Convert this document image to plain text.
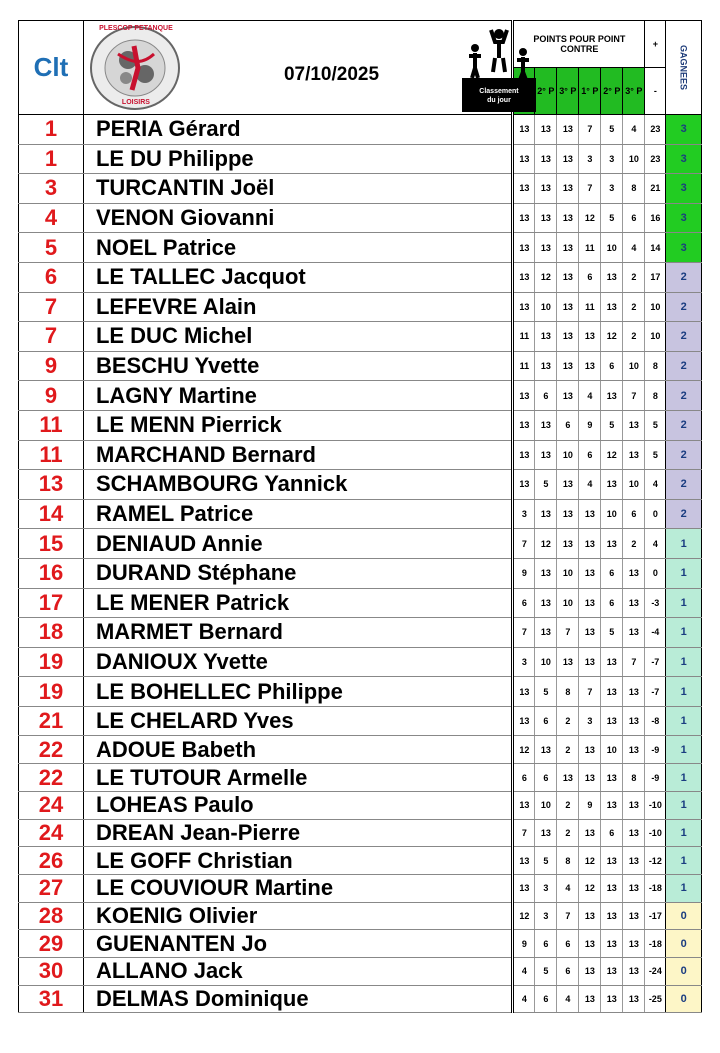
Clt	PLESCOP PETANQUE
LOISIRS
07/10/2025
Classement
du jour	POINTS POUR POINT CONTRE						+	GAGNEES
	2° P	3° P	1° P	2° P	3° P	-	
1	PERIA Gérard	13	13	13	7	5	4	23	3
1	LE DU Philippe	13	13	13	3	3	10	23	3
3	TURCANTIN Joël	13	13	13	7	3	8	21	3
4	VENON Giovanni	13	13	13	12	5	6	16	3
5	NOEL Patrice	13	13	13	11	10	4	14	3
6	LE TALLEC Jacquot	13	12	13	6	13	2	17	2
7	LEFEVRE Alain	13	10	13	11	13	2	10	2
7	LE DUC Michel	11	13	13	13	12	2	10	2
9	BESCHU Yvette	11	13	13	13	6	10	8	2
9	LAGNY Martine	13	6	13	4	13	7	8	2
11	LE MENN Pierrick	13	13	6	9	5	13	5	2
11	MARCHAND Bernard	13	13	10	6	12	13	5	2
13	SCHAMBOURG Yannick	13	5	13	4	13	10	4	2
14	RAMEL Patrice	3	13	13	13	10	6	0	2
15	DENIAUD Annie	7	12	13	13	13	2	4	1
16	DURAND Stéphane	9	13	10	13	6	13	0	1
17	LE MENER Patrick	6	13	10	13	6	13	-3	1
18	MARMET Bernard	7	13	7	13	5	13	-4	1
19	DANIOUX Yvette	3	10	13	13	13	7	-7	1
19	LE BOHELLEC Philippe	13	5	8	7	13	13	-7	1
21	LE CHELARD Yves	13	6	2	3	13	13	-8	1
22	ADOUE Babeth	12	13	2	13	10	13	-9	1
22	LE TUTOUR Armelle	6	6	13	13	13	8	-9	1
24	LOHEAS Paulo	13	10	2	9	13	13	-10	1
24	DREAN Jean-Pierre	7	13	2	13	6	13	-10	1
26	LE GOFF Christian	13	5	8	12	13	13	-12	1
27	LE COUVIOUR Martine	13	3	4	12	13	13	-18	1
28	KOENIG Olivier	12	3	7	13	13	13	-17	0
29	GUENANTEN Jo	9	6	6	13	13	13	-18	0
30	ALLANO Jack	4	5	6	13	13	13	-24	0
31	DELMAS Dominique	4	6	4	13	13	13	-25	0
